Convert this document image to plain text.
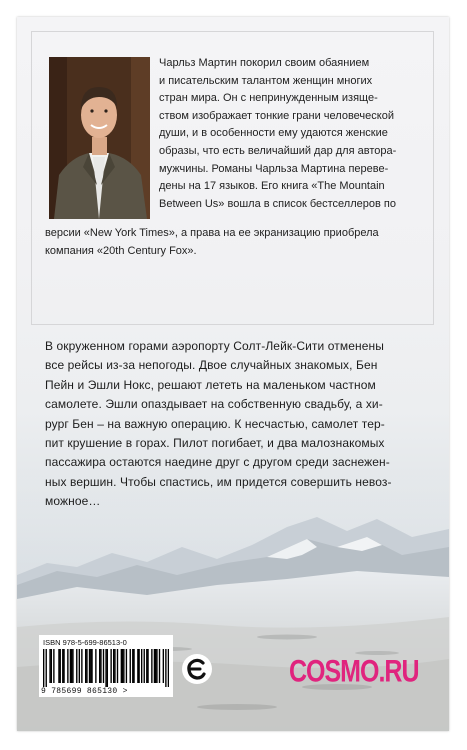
Чарльз Мартин покорил своим обаянием
и писательским талантом женщин многих
стран мира. Он с непринужденным изяще-
ством изображает тонкие грани человеческой
души, и в особенности ему удаются женские
образы, что есть величайший дар для автора-
мужчины. Романы Чарльза Мартина переве-
дены на 17 языков. Его книга «The Mountain
Between Us» вошла в список бестселлеров по
версии «New York Times», а права на ее экранизацию приобрела
компания «20th Century Fox».
В окруженном горами аэропорту Солт-Лейк-Сити отменены
все рейсы из-за непогоды. Двое случайных знакомых, Бен
Пейн и Эшли Нокс, решают лететь на маленьком частном
самолете. Эшли опаздывает на собственную свадьбу, а хи-
рург Бен – на важную операцию. К несчастью, самолет тер-
пит крушение в горах. Пилот погибает, и два малознакомых
пассажира остаются наедине друг с другом среди заснежен-
ных вершин. Чтобы спастись, им придется совершить невоз-
можное…
ISBN 978-5-699-86513-0
9 785699 865130 >
COSMO.RU
